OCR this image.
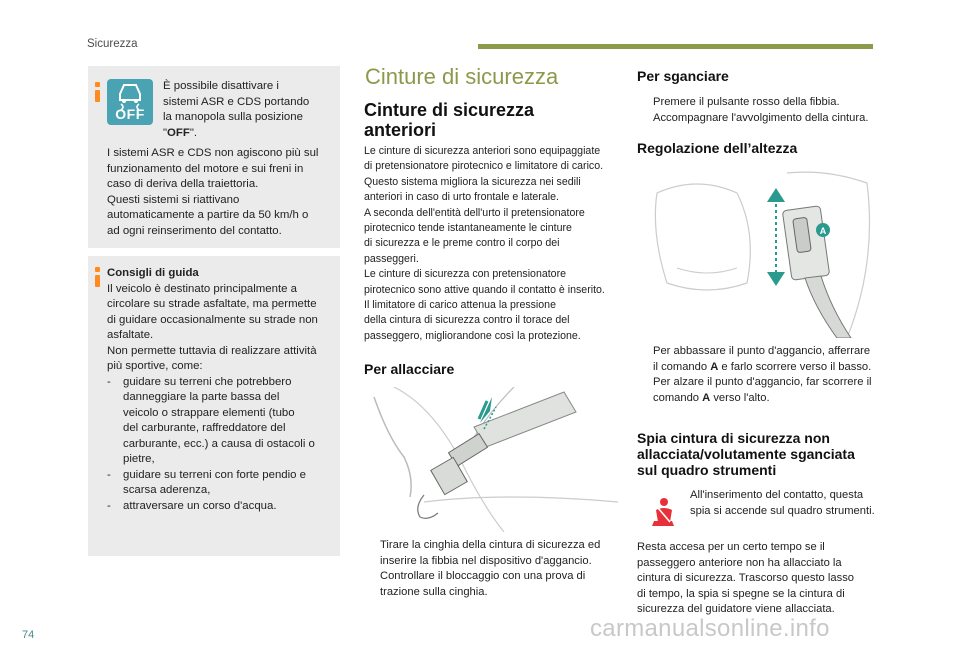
Sicurezza
OFF
È possibile disattivare i
sistemi ASR e CDS portando
la manopola sulla posizione
"OFF".
I sistemi ASR e CDS non agiscono più sul
funzionamento del motore e sui freni in
caso di deriva della traiettoria.
Questi sistemi si riattivano
automaticamente a partire da 50 km/h o
ad ogni reinserimento del contatto.
Consigli di guida
Il veicolo è destinato principalmente a
circolare su strade asfaltate, ma permette
di guidare occasionalmente su strade non
asfaltate.
Non permette tuttavia di realizzare attività
più sportive, come:
- guidare su terreni che potrebbero
danneggiare la parte bassa del
veicolo o strappare elementi (tubo
del carburante, raffreddatore del
carburante, ecc.) a causa di ostacoli o
pietre,
- guidare su terreni con forte pendio e
scarsa aderenza,
- attraversare un corso d'acqua.
Cinture di sicurezza
Cinture di sicurezza
anteriori
Le cinture di sicurezza anteriori sono equipaggiate
di pretensionatore pirotecnico e limitatore di carico.
Questo sistema migliora la sicurezza nei sedili
anteriori in caso di urto frontale e laterale.
A seconda dell'entità dell'urto il pretensionatore
pirotecnico tende istantaneamente le cinture
di sicurezza e le preme contro il corpo dei
passeggeri.
Le cinture di sicurezza con pretensionatore
pirotecnico sono attive quando il contatto è inserito.
Il limitatore di carico attenua la pressione
della cintura di sicurezza contro il torace del
passeggero, migliorandone così la protezione.
Per allacciare
Tirare la cinghia della cintura di sicurezza ed
inserire la fibbia nel dispositivo d'aggancio.
Controllare il bloccaggio con una prova di
trazione sulla cinghia.
Per sganciare
Premere il pulsante rosso della fibbia.
Accompagnare l'avvolgimento della cintura.
Regolazione dell’altezza
A
Per abbassare il punto d'aggancio, afferrare
il comando A e farlo scorrere verso il basso.
Per alzare il punto d'aggancio, far scorrere il
comando A verso l'alto.
Spia cintura di sicurezza non
allacciata/volutamente sganciata
sul quadro strumenti
All'inserimento del contatto, questa
spia si accende sul quadro strumenti.
Resta accesa per un certo tempo se il
passeggero anteriore non ha allacciato la
cintura di sicurezza. Trascorso questo lasso
di tempo, la spia si spegne se la cintura di
sicurezza del guidatore viene allacciata.
74	carmanualsonline.info
